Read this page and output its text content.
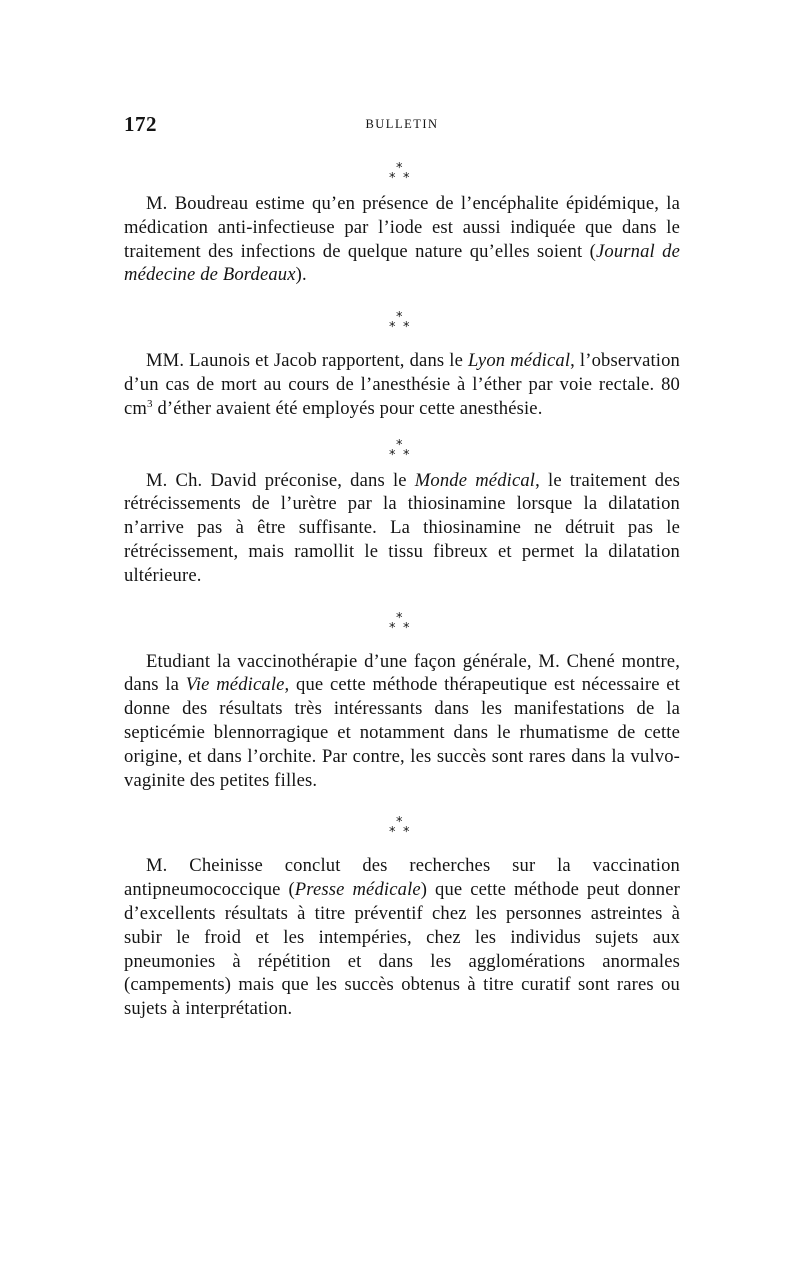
172	BULLETIN
*
* *

M. Boudreau estime qu’en présence de l’encéphalite épidémique, la médication anti-infectieuse par l’iode est aussi indiquée que dans le traitement des infections de quelque nature qu’elles soient (Journal de médecine de Bordeaux).

*
* *

MM. Launois et Jacob rapportent, dans le Lyon médical, l’observation d’un cas de mort au cours de l’anesthésie à l’éther par voie rectale. 80 $cm^3$ d’éther avaient été employés pour cette anesthésie.

*
* *

M. Ch. David préconise, dans le Monde médical, le traitement des rétrécissements de l’urètre par la thiosinamine lorsque la dilatation n’arrive pas à être suffisante. La thiosinamine ne détruit pas le rétrécissement, mais ramollit le tissu fibreux et permet la dilatation ultérieure.

*
* *

Etudiant la vaccinothérapie d’une façon générale, M. Chené montre, dans la Vie médicale, que cette méthode thérapeutique est nécessaire et donne des résultats très intéressants dans les manifestations de la septicémie blennorragique et notamment dans le rhumatisme de cette origine, et dans l’orchite. Par contre, les succès sont rares dans la vulvo-vaginite des petites filles.

*
* *

M. Cheinisse conclut des recherches sur la vaccination antipneumococcique (Presse médicale) que cette méthode peut donner d’excellents résultats à titre préventif chez les personnes astreintes à subir le froid et les intempéries, chez les individus sujets aux pneumonies à répétition et dans les agglomérations anormales (campements) mais que les succès obtenus à titre curatif sont rares ou sujets à interprétation.
